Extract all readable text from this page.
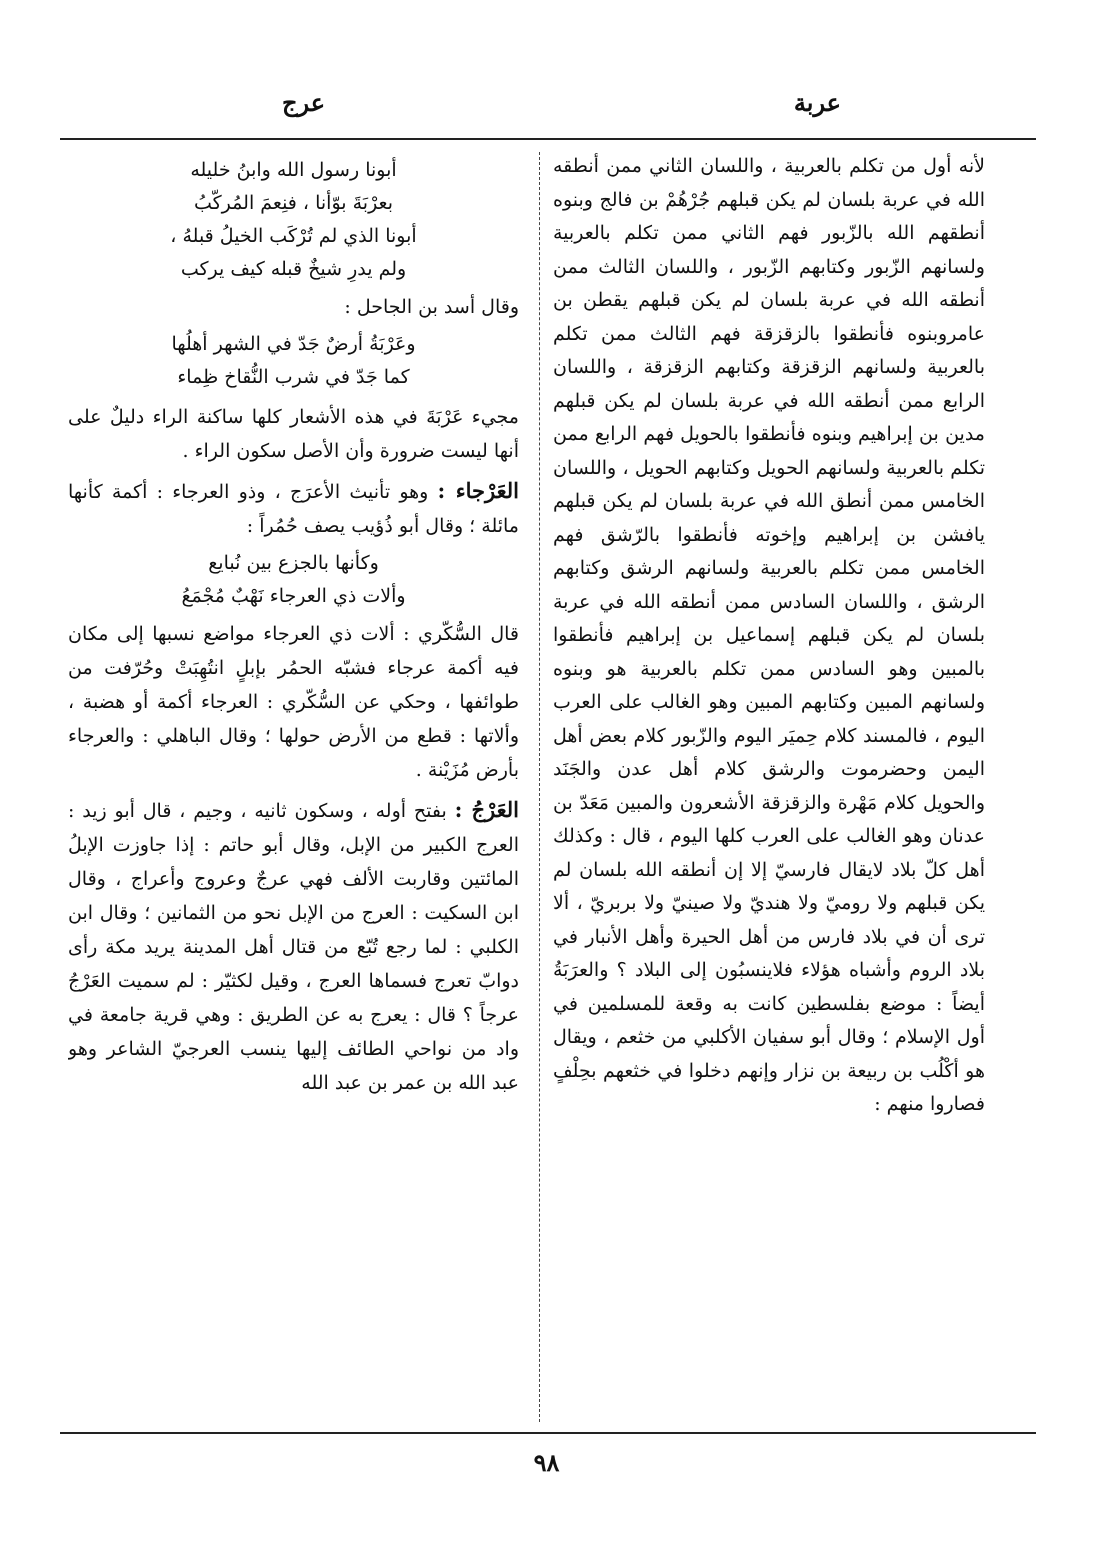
عربة
عرج

لأنه أول من تكلم بالعربية ، واللسان الثاني ممن أنطقه الله في عربة بلسان لم يكن قبلهم جُرْهُمْ بن فالج وبنوه أنطقهم الله بالزّبور فهم الثاني ممن تكلم بالعربية ولسانهم الزّبور وكتابهم الزّبور ، واللسان الثالث ممن أنطقه الله في عربة بلسان لم يكن قبلهم يقطن بن عامروبنوه فأنطقوا بالزقزقة فهم الثالث ممن تكلم بالعربية ولسانهم الزقزقة وكتابهم الزقزقة ، واللسان الرابع ممن أنطقه الله في عربة بلسان لم يكن قبلهم مدين بن إبراهيم وبنوه فأنطقوا بالحويل فهم الرابع ممن تكلم بالعربية ولسانهم الحويل وكتابهم الحويل ، واللسان الخامس ممن أنطق الله في عربة بلسان لم يكن قبلهم يافشن بن إبراهيم وإخوته فأنطقوا بالرّشق فهم الخامس ممن تكلم بالعربية ولسانهم الرشق وكتابهم الرشق ، واللسان السادس ممن أنطقه الله في عربة بلسان لم يكن قبلهم إسماعيل بن إبراهيم فأنطقوا بالمبين وهو السادس ممن تكلم بالعربية هو وبنوه ولسانهم المبين وكتابهم المبين وهو الغالب على العرب اليوم ، فالمسند كلام حِميَر اليوم والزّبور كلام بعض أهل اليمن وحضرموت والرشق كلام أهل عدن والجَنَد والحويل كلام مَهْرة والزقزقة الأشعرون والمبين مَعَدّ بن عدنان وهو الغالب على العرب كلها اليوم ، قال : وكذلك أهل كلّ بلاد لايقال فارسيّ إلا إن أنطقه الله بلسان لم يكن قبلهم ولا روميّ ولا هنديّ ولا صينيّ ولا بربريّ ، ألا ترى أن في بلاد فارس من أهل الحيرة وأهل الأنبار في بلاد الروم وأشباه هؤلاء فلاينسبُون إلى البلاد ؟ والعرَبَةُ أيضاً : موضع بفلسطين كانت به وقعة للمسلمين في أول الإسلام ؛ وقال أبو سفيان الأكلبي من خثعم ، ويقال هو أكْلُب بن ربيعة بن نزار وإنهم دخلوا في خثعهم بحِلْفٍ فصاروا منهم :

أبونا رسول الله وابنُ خليله
بعرْبَةَ بوّأنا ، فنِعمَ المُركّبُ
أبونا الذي لم تُرْكَب الخيلُ قبلهُ ،
ولم يدرِ شيخٌ قبله كيف يركب

وقال أسد بن الجاحل :

وعَرْبَةُ أرضٌ جَدّ في الشهر أهلُها
كما جَدّ في شرب النُّقاخ ظِماء

مجيء عَرْبَةَ في هذه الأشعار كلها ساكنة الراء دليلٌ على أنها ليست ضرورة وأن الأصل سكون الراء .

العَرْجاء : وهو تأنيث الأعرَج ، وذو العرجاء : أكمة كأنها مائلة ؛ وقال أبو ذُؤيب يصف حُمُراً :

وكأنها بالجزع بين نُبايع
وألات ذي العرجاء نَهْبٌ مُجْمَعُ

قال السُّكّري : ألات ذي العرجاء مواضع نسبها إلى مكان فيه أكمة عرجاء فشبّه الحمُر بإبلٍ انتُهِبَتْ وحُرّفت من طوائفها ، وحكي عن السُّكّري : العرجاء أكمة أو هضبة ، وألاتها : قطع من الأرض حولها ؛ وقال الباهلي : والعرجاء بأرض مُزَيْنة .

العَرْجُ : بفتح أوله ، وسكون ثانيه ، وجيم ، قال أبو زيد : العرج الكبير من الإبل، وقال أبو حاتم : إذا جاوزت الإبلُ المائتين وقاربت الألف فهي عرجٌ وعروج وأعراج ، وقال ابن السكيت : العرج من الإبل نحو من الثمانين ؛ وقال ابن الكلبي : لما رجع تُبّع من قتال أهل المدينة يريد مكة رأى دوابّ تعرج فسماها العرج ، وقيل لكثيّر : لم سميت العَرْجُ عرجاً ؟ قال : يعرج به عن الطريق : وهي قرية جامعة في واد من نواحي الطائف إليها ينسب العرجيّ الشاعر وهو عبد الله بن عمر بن عبد الله

٩٨
